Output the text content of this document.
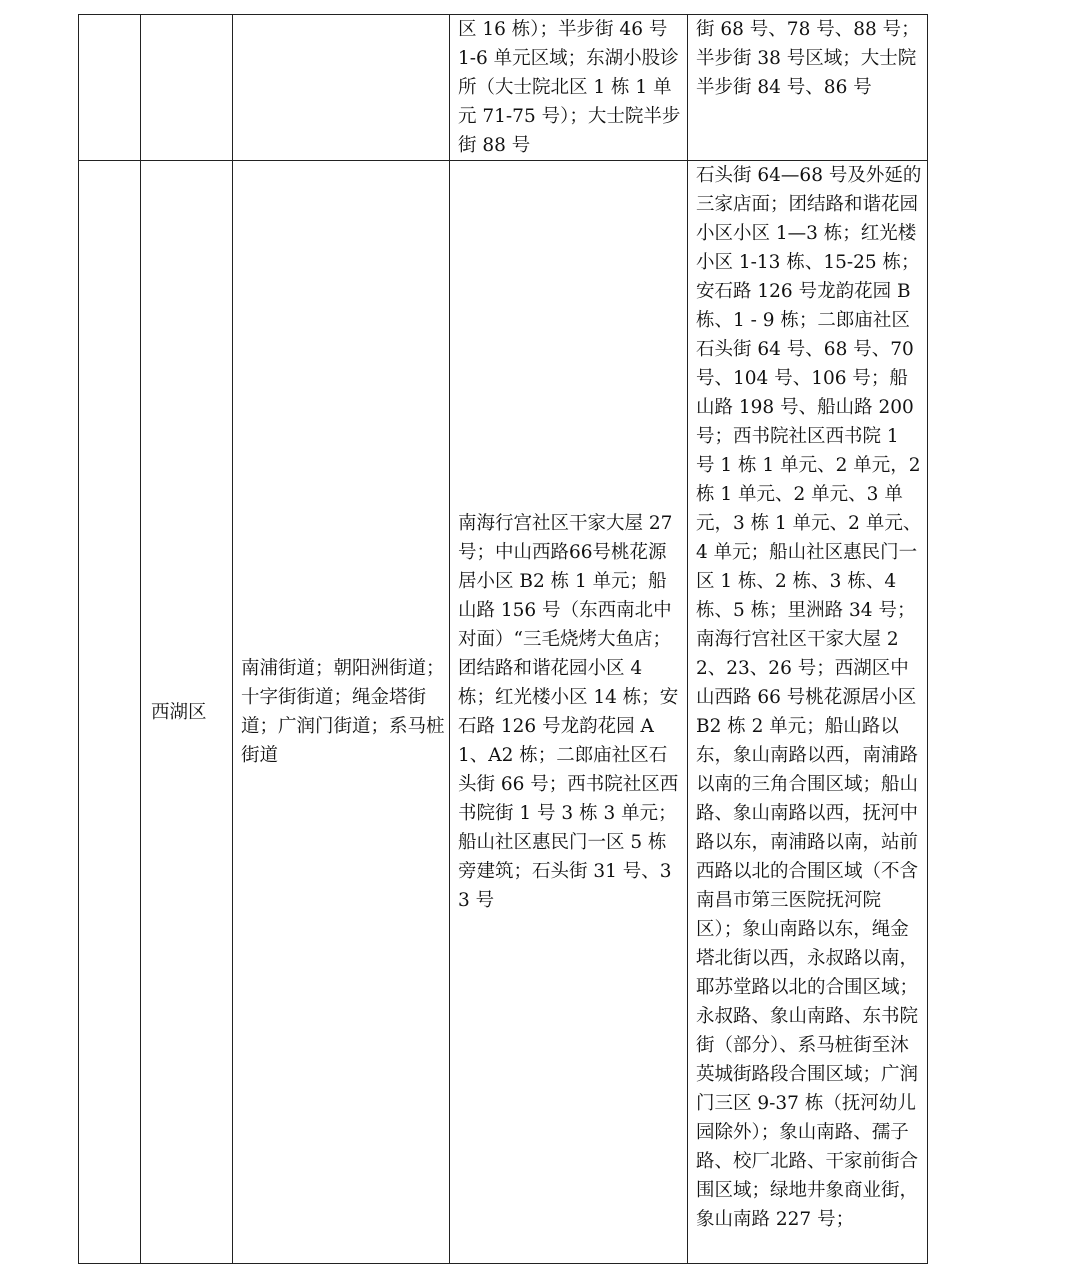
			区 16 栋）；半步街 46 号 1-6 单元区域；东湖小股诊所（大士院北区 1 栋 1 单元 71-75 号）；大士院半步街 88 号	街 68 号、78 号、88 号；半步街 38 号区域；大士院半步街 84 号、86 号

	西湖区	南浦街道；朝阳洲街道；十字街街道；绳金塔街道；广润门街道；系马桩街道	南海行宫社区干家大屋 27 号；中山西路66号桃花源居小区 B2 栋 1 单元；船山路 156 号（东西南北中对面）“三毛烧烤大鱼店；团结路和谐花园小区 4 栋；红光楼小区 14 栋；安石路 126 号龙韵花园 A1、A2 栋；二郎庙社区石头街 66 号；西书院社区西书院街 1 号 3 栋 3 单元；船山社区惠民门一区 5 栋旁建筑；石头街 31 号、33 号	石头街 64—68 号及外延的三家店面；团结路和谐花园小区小区 1—3 栋；红光楼小区 1-13 栋、15-25 栋；安石路 126 号龙韵花园 B 栋、1 - 9 栋；二郎庙社区石头街 64 号、68 号、70 号、104 号、106 号；船山路 198 号、船山路 200 号；西书院社区西书院 1 号 1 栋 1 单元、2 单元，2 栋 1 单元、2 单元、3 单元，3 栋 1 单元、2 单元、4 单元；船山社区惠民门一区 1 栋、2 栋、3 栋、4 栋、5 栋；里洲路 34 号；南海行宫社区干家大屋 22、23、26 号；西湖区中山西路 66 号桃花源居小区 B2 栋 2 单元；船山路以东，象山南路以西，南浦路以南的三角合围区域；船山路、象山南路以西，抚河中路以东，南浦路以南，站前西路以北的合围区域（不含南昌市第三医院抚河院区）；象山南路以东，绳金塔北街以西，永叔路以南，耶苏堂路以北的合围区域；永叔路、象山南路、东书院街（部分）、系马桩街至沐英城街路段合围区域；广润门三区 9-37 栋（抚河幼儿园除外）；象山南路、孺子路、校厂北路、干家前街合围区域；绿地井象商业街，象山南路 227 号；
